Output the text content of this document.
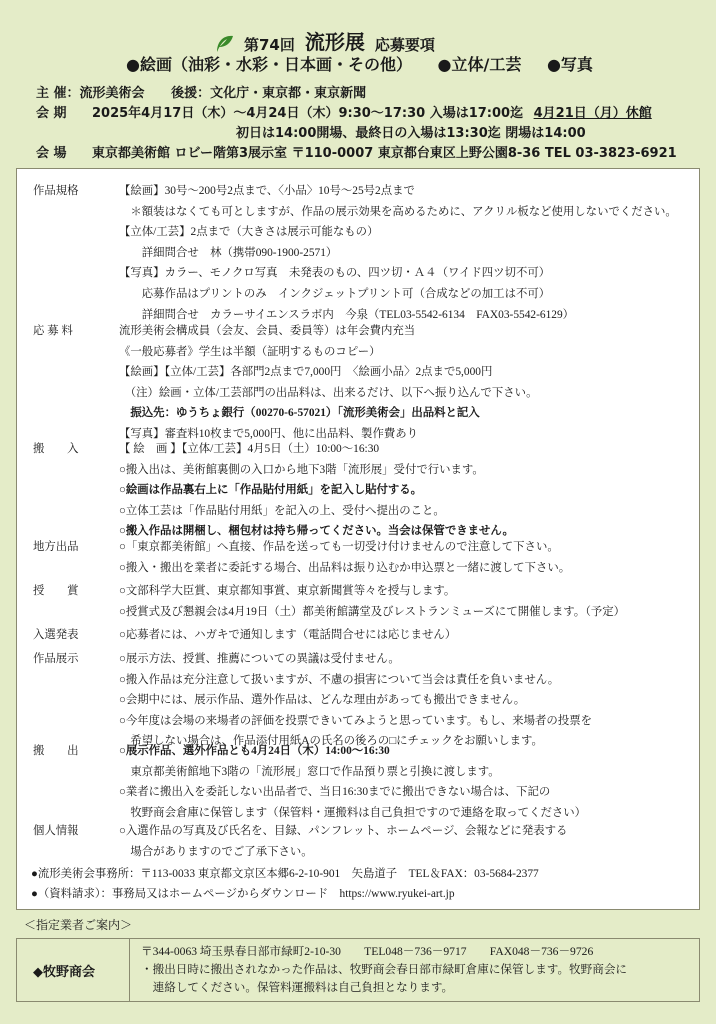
第74回 流形展 応募要項
●絵画（油彩・水彩・日本画・その他） ●立体/工芸 ●写真
主 催：流形美術会 後援：文化庁・東京都・東京新聞
会 期 2025年4月17日（木）～4月24日（木）9:30～17:30 入場は17:00迄 4月21日（月）休館
初日は14:00開場、最終日の入場は13:30迄 閉場は14:00
会 場 東京都美術館 ロビー階第3展示室 〒110-0007 東京都台東区上野公園8-36 TEL 03-3823-6921
作品規格	【絵画】30号～200号2点まで、〈小品〉10号～25号2点まで
　＊額装はなくても可としますが、作品の展示効果を高めるために、アクリル板など使用しないでください。
【立体/工芸】2点まで（大きさは展示可能なもの）
　　詳細問合せ　林（携帯090-1900-2571）
【写真】カラー、モノクロ写真　未発表のもの、四ツ切・Ａ４（ワイド四ツ切不可）
　　応募作品はプリントのみ　インクジェットプリント可（合成などの加工は不可）
　　詳細問合せ　カラーサイエンスラボ内　今泉（TEL03-5542-6134　FAX03-5542-6129）
応 募 料	流形美術会構成員（会友、会員、委員等）は年会費内充当
《一般応募者》学生は半額（証明するものコピー）
【絵画】【立体/工芸】各部門2点まで7,000円　〈絵画小品〉2点まで5,000円
　（注）絵画・立体/工芸部門の出品料は、出来るだけ、以下へ振り込んで下さい。
　振込先：ゆうちょ銀行（00270-6-57021）「流形美術会」出品料と記入
【写真】審査料10枚まで5,000円、他に出品料、製作費あり
搬　　入	【 絵　画 】【立体/工芸】4月5日（土）10:00～16:30
○搬入出は、美術館裏側の入口から地下3階「流形展」受付で行います。
○絵画は作品裏右上に「作品貼付用紙」を記入し貼付する。
○立体工芸は「作品貼付用紙」を記入の上、受付へ提出のこと。
○搬入作品は開梱し、梱包材は持ち帰ってください。当会は保管できません。
地方出品	○「東京都美術館」へ直接、作品を送っても一切受け付けませんので注意して下さい。
○搬入・搬出を業者に委託する場合、出品料は振り込むか申込票と一緒に渡して下さい。
授　　賞	○文部科学大臣賞、東京都知事賞、東京新聞賞等々を授与します。
○授賞式及び懇親会は4月19日（土）都美術館講堂及びレストランミューズにて開催します。（予定）
入選発表	○応募者には、ハガキで通知します（電話問合せには応じません）
作品展示	○展示方法、授賞、推薦についての異議は受付ません。
○搬入作品は充分注意して扱いますが、不慮の損害について当会は責任を負いません。
○会期中には、展示作品、選外作品は、どんな理由があっても搬出できません。
○今年度は会場の来場者の評価を投票できいてみようと思っています。もし、来場者の投票を
　希望しない場合は、作品添付用紙Aの氏名の後ろの□にチェックをお願いします。
搬　　出	○展示作品、選外作品とも4月24日（木）14:00～16:30
　東京都美術館地下3階の「流形展」窓口で作品預り票と引換に渡します。
○業者に搬出入を委託しない出品者で、当日16:30までに搬出できない場合は、下記の
　牧野商会倉庫に保管します（保管料・運搬料は自己負担ですので連絡を取ってください）
個人情報	○入選作品の写真及び氏名を、目録、パンフレット、ホームページ、会報などに発表する
　場合がありますのでご了承下さい。
●流形美術会事務所：〒113-0033 東京都文京区本郷6-2-10-901　矢島道子　TEL＆FAX：03-5684-2377
●（資料請求）：事務局又はホームページからダウンロード　https://www.ryukei-art.jp
＜指定業者ご案内＞
◆牧野商会
〒344-0063 埼玉県春日部市緑町2-10-30　　TEL048－736－9717　　FAX048－736－9726
・搬出日時に搬出されなかった作品は、牧野商会春日部市緑町倉庫に保管します。牧野商会に
　連絡してください。保管料運搬料は自己負担となります。
